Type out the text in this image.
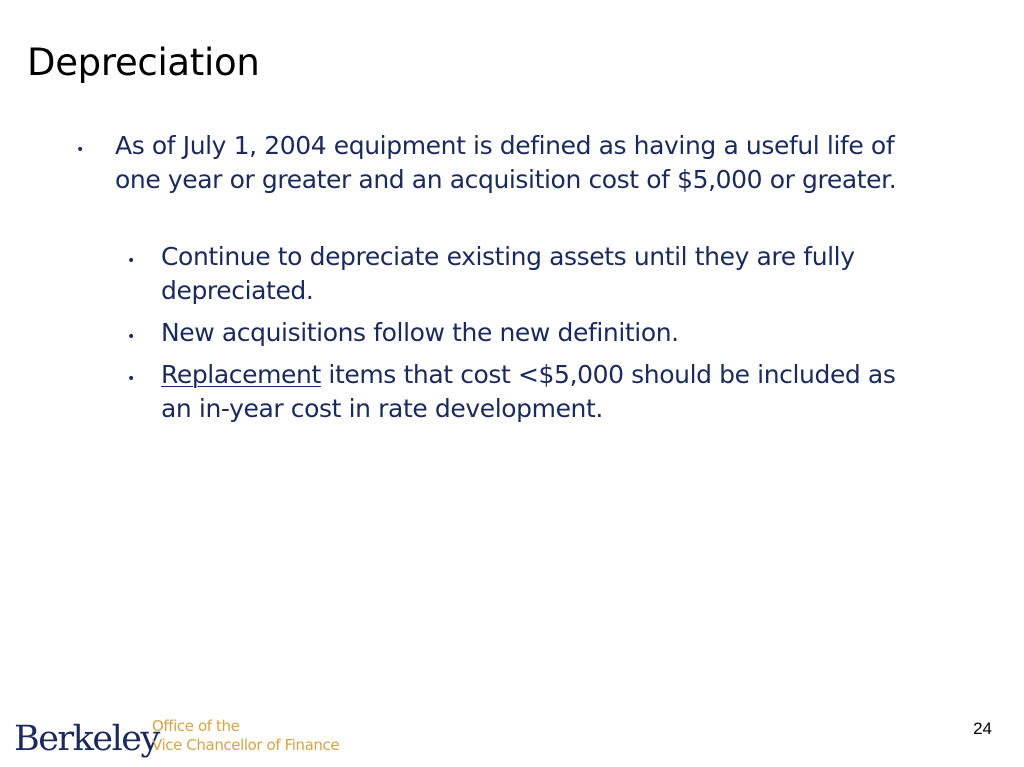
Depreciation
• As of July 1, 2004 equipment is defined as having a useful life of one year or greater and an acquisition cost of $5,000 or greater.
• Continue to depreciate existing assets until they are fully depreciated.
• New acquisitions follow the new definition.
• Replacement items that cost <$5,000 should be included as an in-year cost in rate development.
Berkeley
Office of the
Vice Chancellor of Finance
24
